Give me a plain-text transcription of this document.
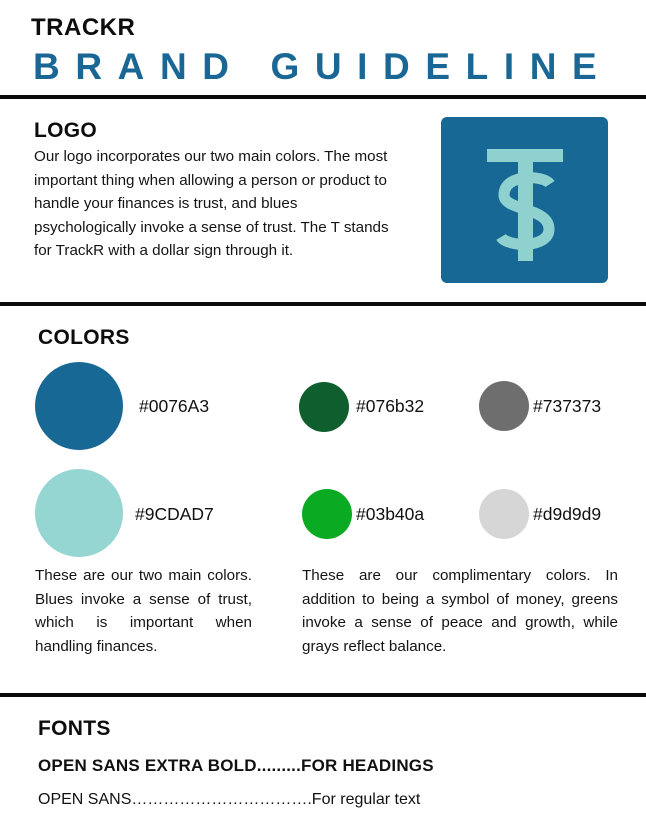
TRACKR
BRAND GUIDELINE
LOGO
Our logo incorporates our two main colors. The most important thing when allowing a person or product to handle your finances is trust, and blues psychologically invoke a sense of trust. The T stands for TrackR with a dollar sign through it.
COLORS
#0076A3	#076b32	#737373
#9CDAD7	#03b40a	#d9d9d9
These are our two main colors. Blues invoke a sense of trust, which is important when handling finances.
These are our complimentary colors. In addition to being a symbol of money, greens invoke a sense of peace and growth, while grays reflect balance.
FONTS
OPEN SANS EXTRA BOLD.........FOR HEADINGS
OPEN SANS…………………………….For regular text
